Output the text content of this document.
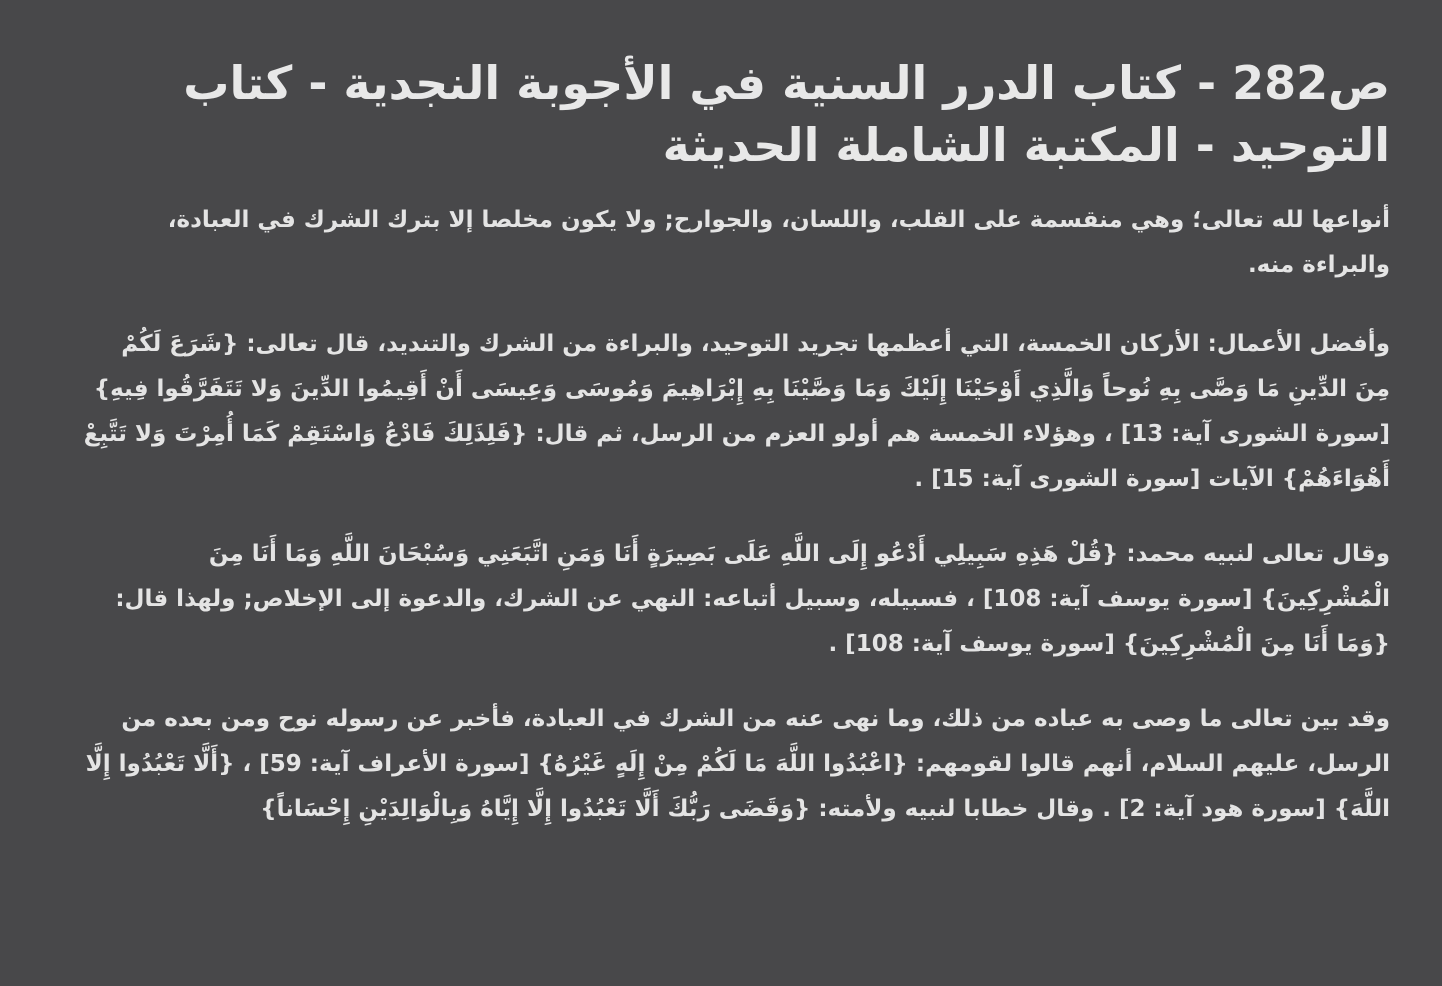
ص282 - كتاب الدرر السنية في الأجوبة النجدية - كتاب التوحيد - المكتبة الشاملة الحديثة

أنواعها لله تعالى؛ وهي منقسمة على القلب، واللسان، والجوارح; ولا يكون مخلصا إلا بترك الشرك في العبادة، والبراءة منه.

وأفضل الأعمال: الأركان الخمسة، التي أعظمها تجريد التوحيد، والبراءة من الشرك والتنديد، قال تعالى: {شَرَعَ لَكُمْ مِنَ الدِّينِ مَا وَصَّى بِهِ نُوحاً وَالَّذِي أَوْحَيْنَا إِلَيْكَ وَمَا وَصَّيْنَا بِهِ إِبْرَاهِيمَ وَمُوسَى وَعِيسَى أَنْ أَقِيمُوا الدِّينَ وَلا تَتَفَرَّقُوا فِيهِ} [سورة الشورى آية: 13] ، وهؤلاء الخمسة هم أولو العزم من الرسل، ثم قال: {فَلِذَلِكَ فَادْعُ وَاسْتَقِمْ كَمَا أُمِرْتَ وَلا تَتَّبِعْ أَهْوَاءَهُمْ} الآيات [سورة الشورى آية: 15] .

وقال تعالى لنبيه محمد: {قُلْ هَذِهِ سَبِيلِي أَدْعُو إِلَى اللَّهِ عَلَى بَصِيرَةٍ أَنَا وَمَنِ اتَّبَعَنِي وَسُبْحَانَ اللَّهِ وَمَا أَنَا مِنَ الْمُشْرِكِينَ} [سورة يوسف آية: 108] ، فسبيله، وسبيل أتباعه: النهي عن الشرك، والدعوة إلى الإخلاص; ولهذا قال: {وَمَا أَنَا مِنَ الْمُشْرِكِينَ} [سورة يوسف آية: 108] .

وقد بين تعالى ما وصى به عباده من ذلك، وما نهى عنه من الشرك في العبادة، فأخبر عن رسوله نوح ومن بعده من الرسل، عليهم السلام، أنهم قالوا لقومهم: {اعْبُدُوا اللَّهَ مَا لَكُمْ مِنْ إِلَهٍ غَيْرُهُ} [سورة الأعراف آية: 59] ، {أَلَّا تَعْبُدُوا إِلَّا اللَّهَ} [سورة هود آية: 2] . وقال خطابا لنبيه ولأمته: {وَقَضَى رَبُّكَ أَلَّا تَعْبُدُوا إِلَّا إِيَّاهُ وَبِالْوَالِدَيْنِ إِحْسَاناً}
